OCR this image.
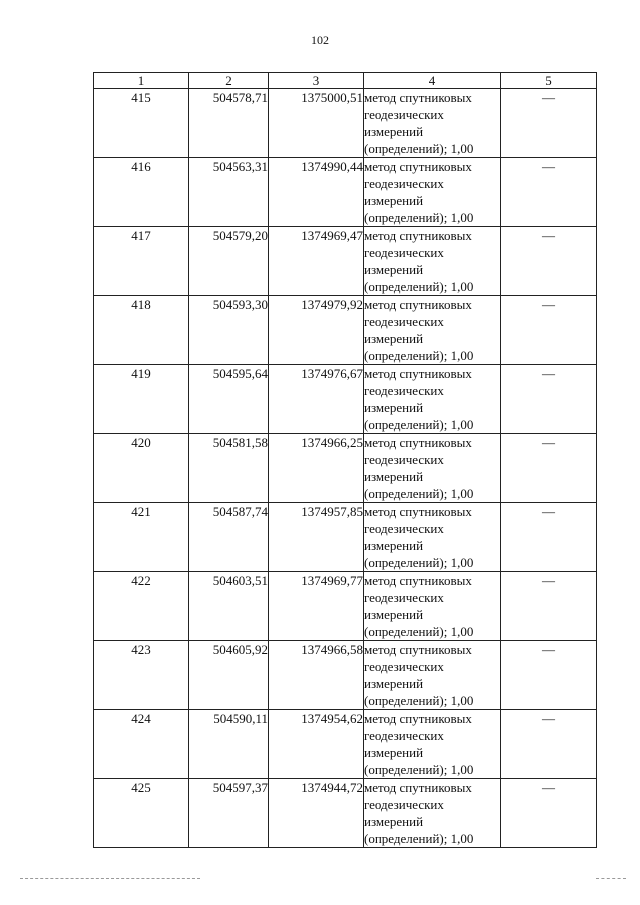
102
1	2	3	4	5
415	504578,71	1375000,51	метод спутниковых геодезических измерений (определений); 1,00	—
416	504563,31	1374990,44	метод спутниковых геодезических измерений (определений); 1,00	—
417	504579,20	1374969,47	метод спутниковых геодезических измерений (определений); 1,00	—
418	504593,30	1374979,92	метод спутниковых геодезических измерений (определений); 1,00	—
419	504595,64	1374976,67	метод спутниковых геодезических измерений (определений); 1,00	—
420	504581,58	1374966,25	метод спутниковых геодезических измерений (определений); 1,00	—
421	504587,74	1374957,85	метод спутниковых геодезических измерений (определений); 1,00	—
422	504603,51	1374969,77	метод спутниковых геодезических измерений (определений); 1,00	—
423	504605,92	1374966,58	метод спутниковых геодезических измерений (определений); 1,00	—
424	504590,11	1374954,62	метод спутниковых геодезических измерений (определений); 1,00	—
425	504597,37	1374944,72	метод спутниковых геодезических измерений (определений); 1,00	—
